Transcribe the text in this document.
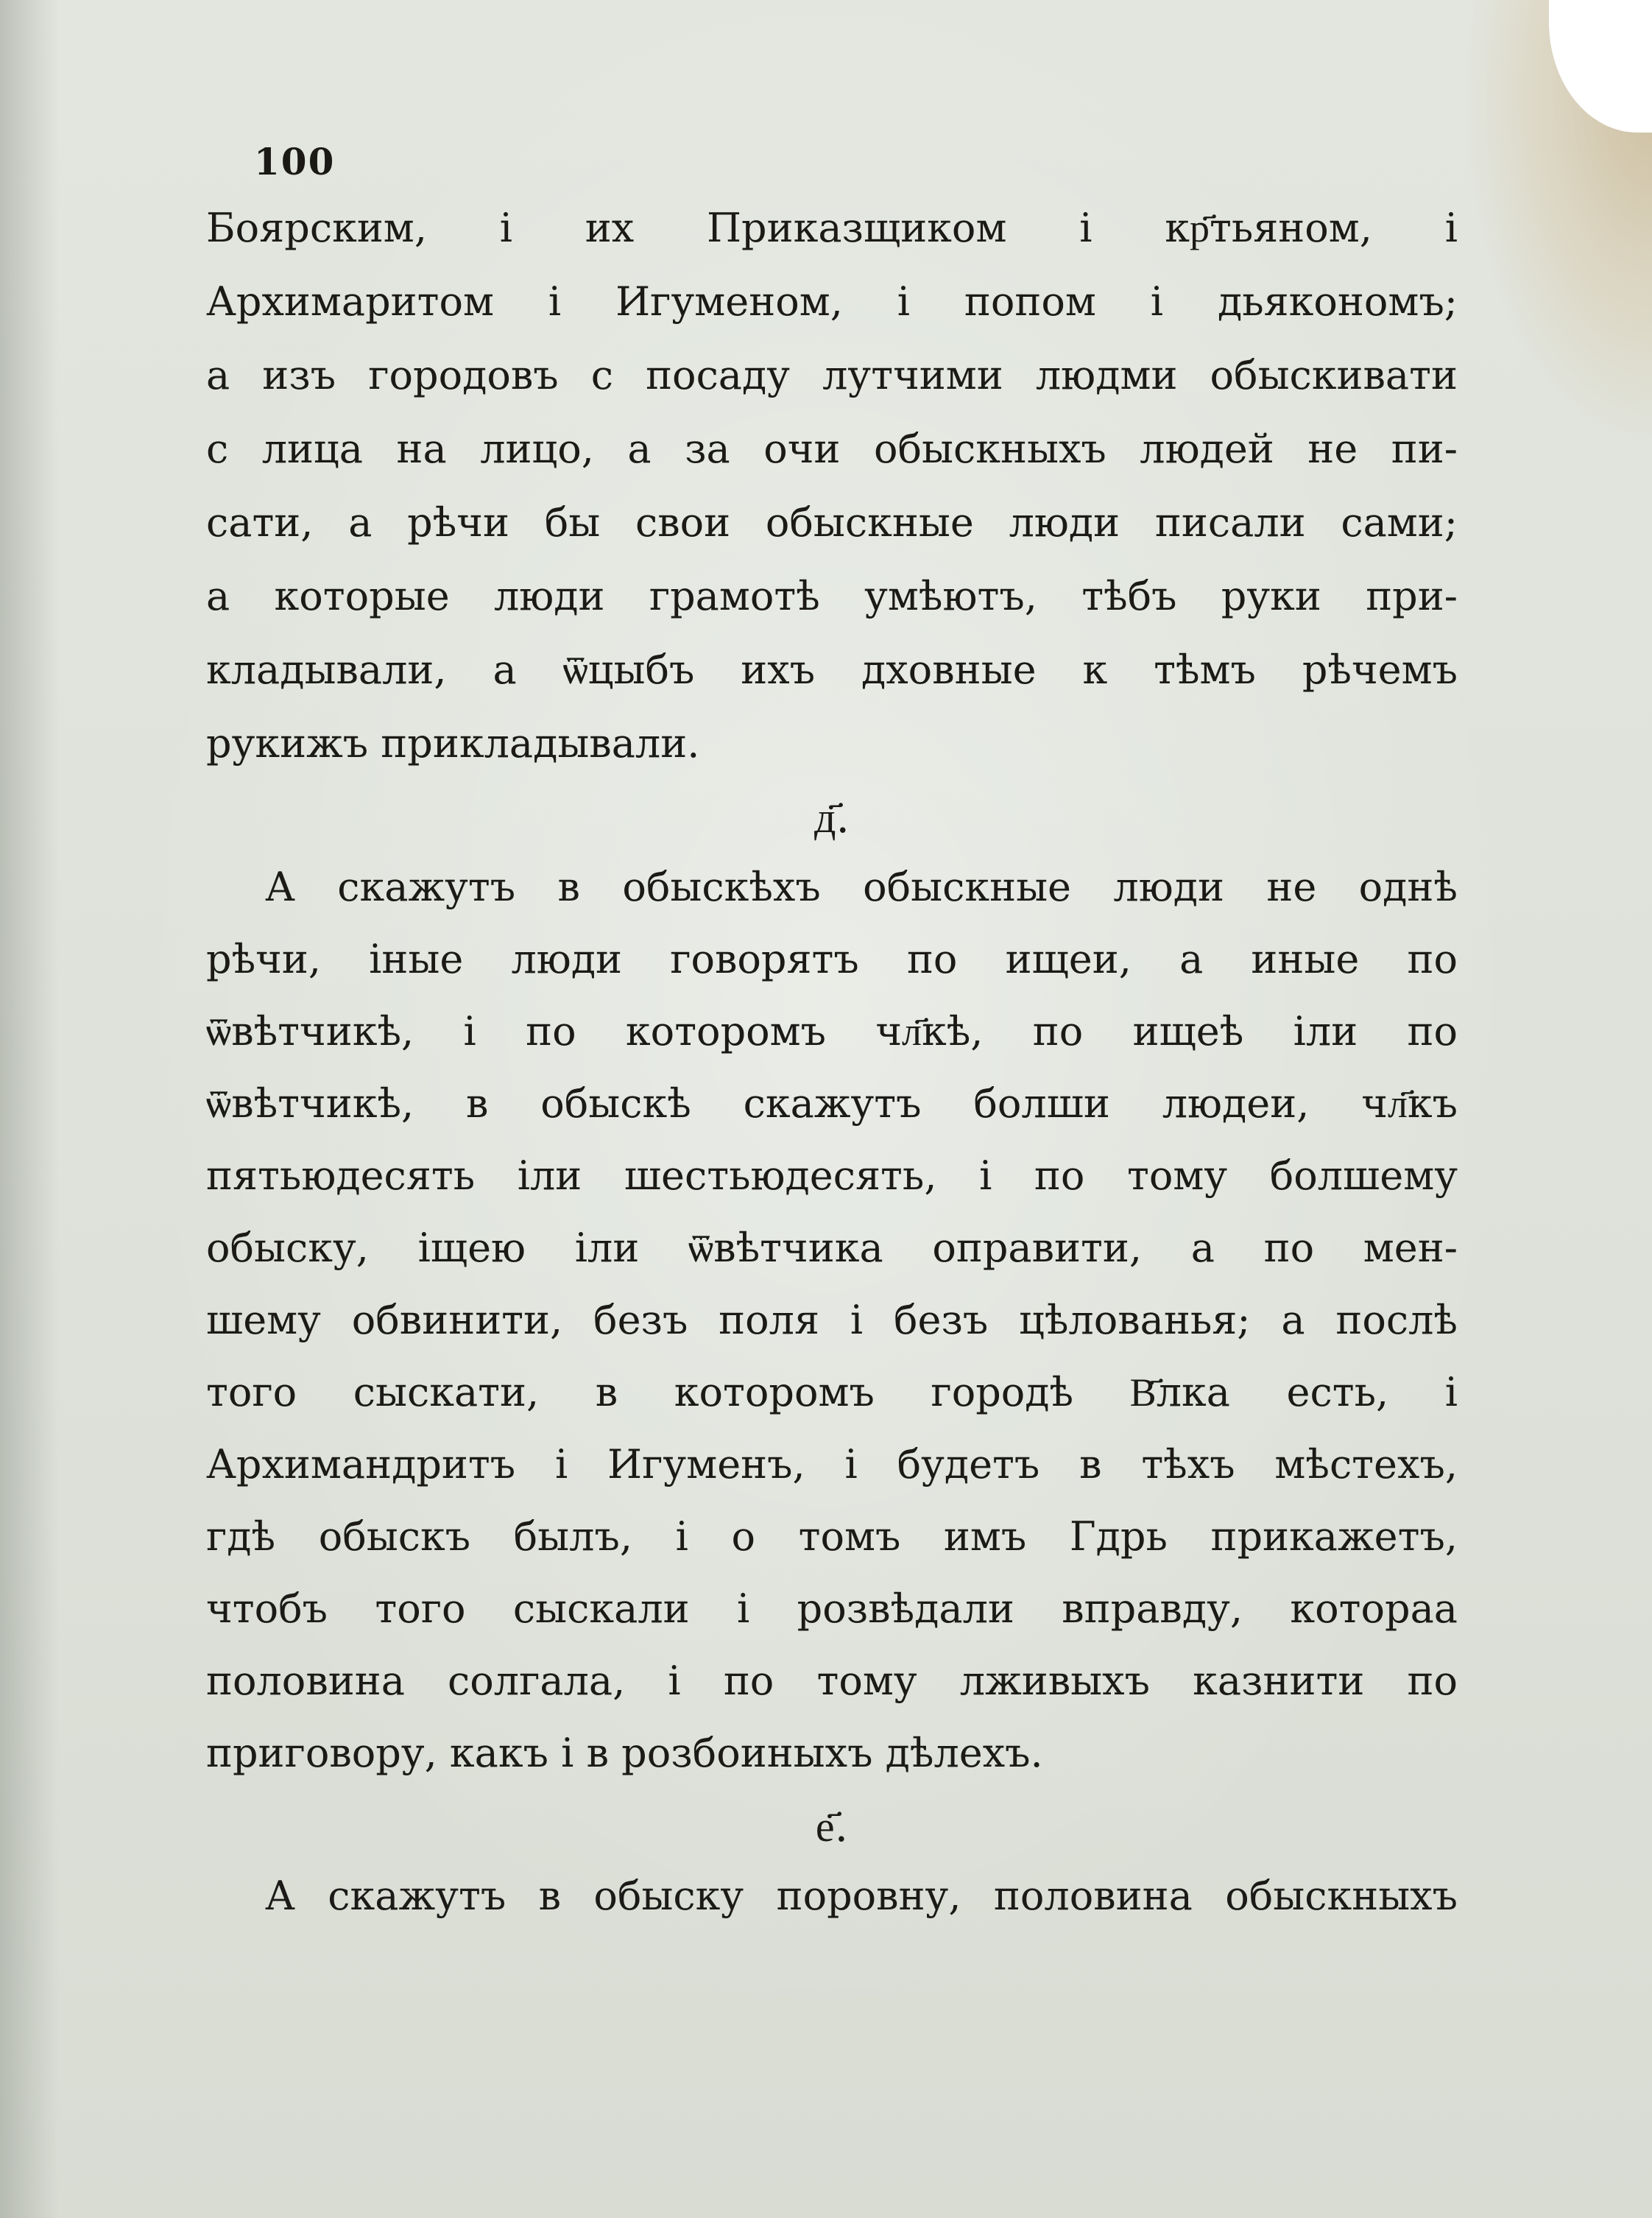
100
Боярским, і их Приказщиком і кр҃тьяном, і
Архимаритом і Игуменом, і попом і дьякономъ;
а изъ городовъ с посаду лутчими людми обыскивати
с лица на лицо, а за очи обыскныхъ людей не пи-
сати, а рѣчи бы свои обыскные люди писали сами;
а которые люди грамотѣ умѣютъ, тѣбъ руки при-
кладывали, а ѿцыбъ ихъ дховные к тѣмъ рѣчемъ
рукижъ прикладывали.
д҃.
А скажутъ в обыскѣхъ обыскные люди не однѣ
рѣчи, іные люди говорятъ по ищеи, а иные по
ѿвѣтчикѣ, і по которомъ чл҃кѣ, по ищеѣ іли по
ѿвѣтчикѣ, в обыскѣ скажутъ болши людеи, чл҃къ
пятьюдесять іли шестьюдесять, і по тому болшему
обыску, іщею іли ѿвѣтчика оправити, а по мен-
шему обвинити, безъ поля і безъ цѣлованья; а послѣ
того сыскати, в которомъ городѣ В҃лка есть, і
Архимандритъ і Игуменъ, і будетъ в тѣхъ мѣстехъ,
гдѣ обыскъ былъ, і о томъ имъ Гдрь прикажетъ,
чтобъ того сыскали і розвѣдали вправду, котораа
половина солгала, і по тому лживыхъ казнити по
приговору, какъ і в розбоиныхъ дѣлехъ.
е҃.
А скажутъ в обыску поровну, половина обыскныхъ
